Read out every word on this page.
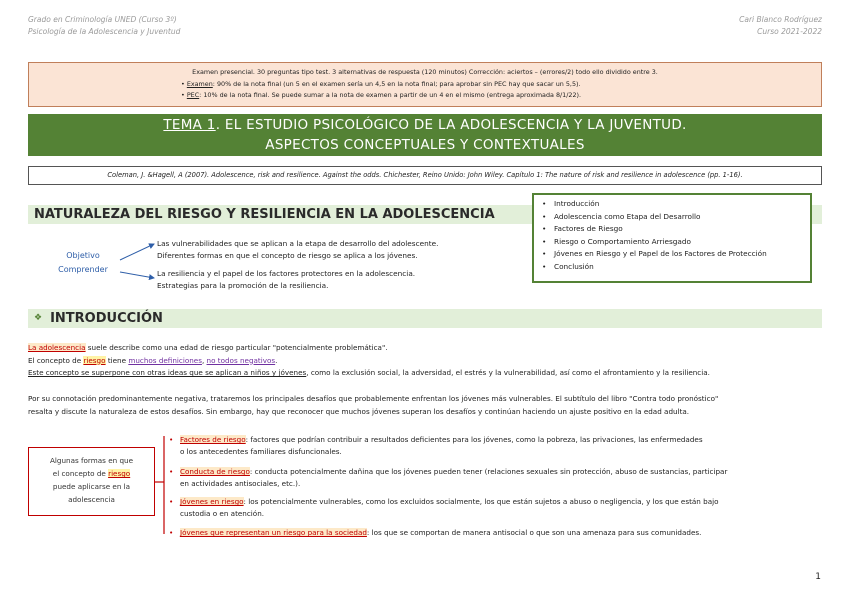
Grado en Criminología UNED (Curso 3º)
Psicología de la Adolescencia y Juventud
Cari Blanco Rodríguez
Curso 2021-2022
Examen presencial. 30 preguntas tipo test. 3 alternativas de respuesta (120 minutos) Corrección: aciertos – (errores/2) todo ello dividido entre 3.
• Examen: 90% de la nota final (un 5 en el examen sería un 4,5 en la nota final; para aprobar sin PEC hay que sacar un 5,5).
• PEC: 10% de la nota final. Se puede sumar a la nota de examen a partir de un 4 en el mismo (entrega aproximada 8/1/22).
TEMA 1. EL ESTUDIO PSICOLÓGICO DE LA ADOLESCENCIA Y LA JUVENTUD.
ASPECTOS CONCEPTUALES Y CONTEXTUALES
Coleman, J. &Hagell, A (2007). Adolescence, risk and resilience. Against the odds. Chichester, Reino Unido: John Wiley. Capítulo 1: The nature of risk and resilience in adolescence (pp. 1-16).
NATURALEZA DEL RIESGO Y RESILIENCIA EN LA ADOLESCENCIA
• Introducción
• Adolescencia como Etapa del Desarrollo
• Factores de Riesgo
• Riesgo o Comportamiento Arriesgado
• Jóvenes en Riesgo y el Papel de los Factores de Protección
• Conclusión
Objetivo
Comprender
Las vulnerabilidades que se aplican a la etapa de desarrollo del adolescente.
Diferentes formas en que el concepto de riesgo se aplica a los jóvenes.
La resiliencia y el papel de los factores protectores en la adolescencia.
Estrategias para la promoción de la resiliencia.
❖ INTRODUCCIÓN
La adolescencia suele describe como una edad de riesgo particular "potencialmente problemática".
El concepto de riesgo tiene muchos definiciones, no todos negativos.
Este concepto se superpone con otras ideas que se aplican a niños y jóvenes, como la exclusión social, la adversidad, el estrés y la vulnerabilidad, así como el afrontamiento y la resiliencia.
Por su connotación predominantemente negativa, trataremos los principales desafíos que probablemente enfrentan los jóvenes más vulnerables. El subtítulo del libro "Contra todo pronóstico"
resalta y discute la naturaleza de estos desafíos. Sin embargo, hay que reconocer que muchos jóvenes superan los desafíos y continúan haciendo un ajuste positivo en la edad adulta.
Algunas formas en que
el concepto de riesgo
puede aplicarse en la
adolescencia
• Factores de riesgo: factores que podrían contribuir a resultados deficientes para los jóvenes, como la pobreza, las privaciones, las enfermedades
o los antecedentes familiares disfuncionales.
• Conducta de riesgo: conducta potencialmente dañina que los jóvenes pueden tener (relaciones sexuales sin protección, abuso de sustancias, participar
en actividades antisociales, etc.).
• Jóvenes en riesgo: los potencialmente vulnerables, como los excluidos socialmente, los que están sujetos a abuso o negligencia, y los que están bajo
custodia o en atención.
• Jóvenes que representan un riesgo para la sociedad: los que se comportan de manera antisocial o que son una amenaza para sus comunidades.
1
